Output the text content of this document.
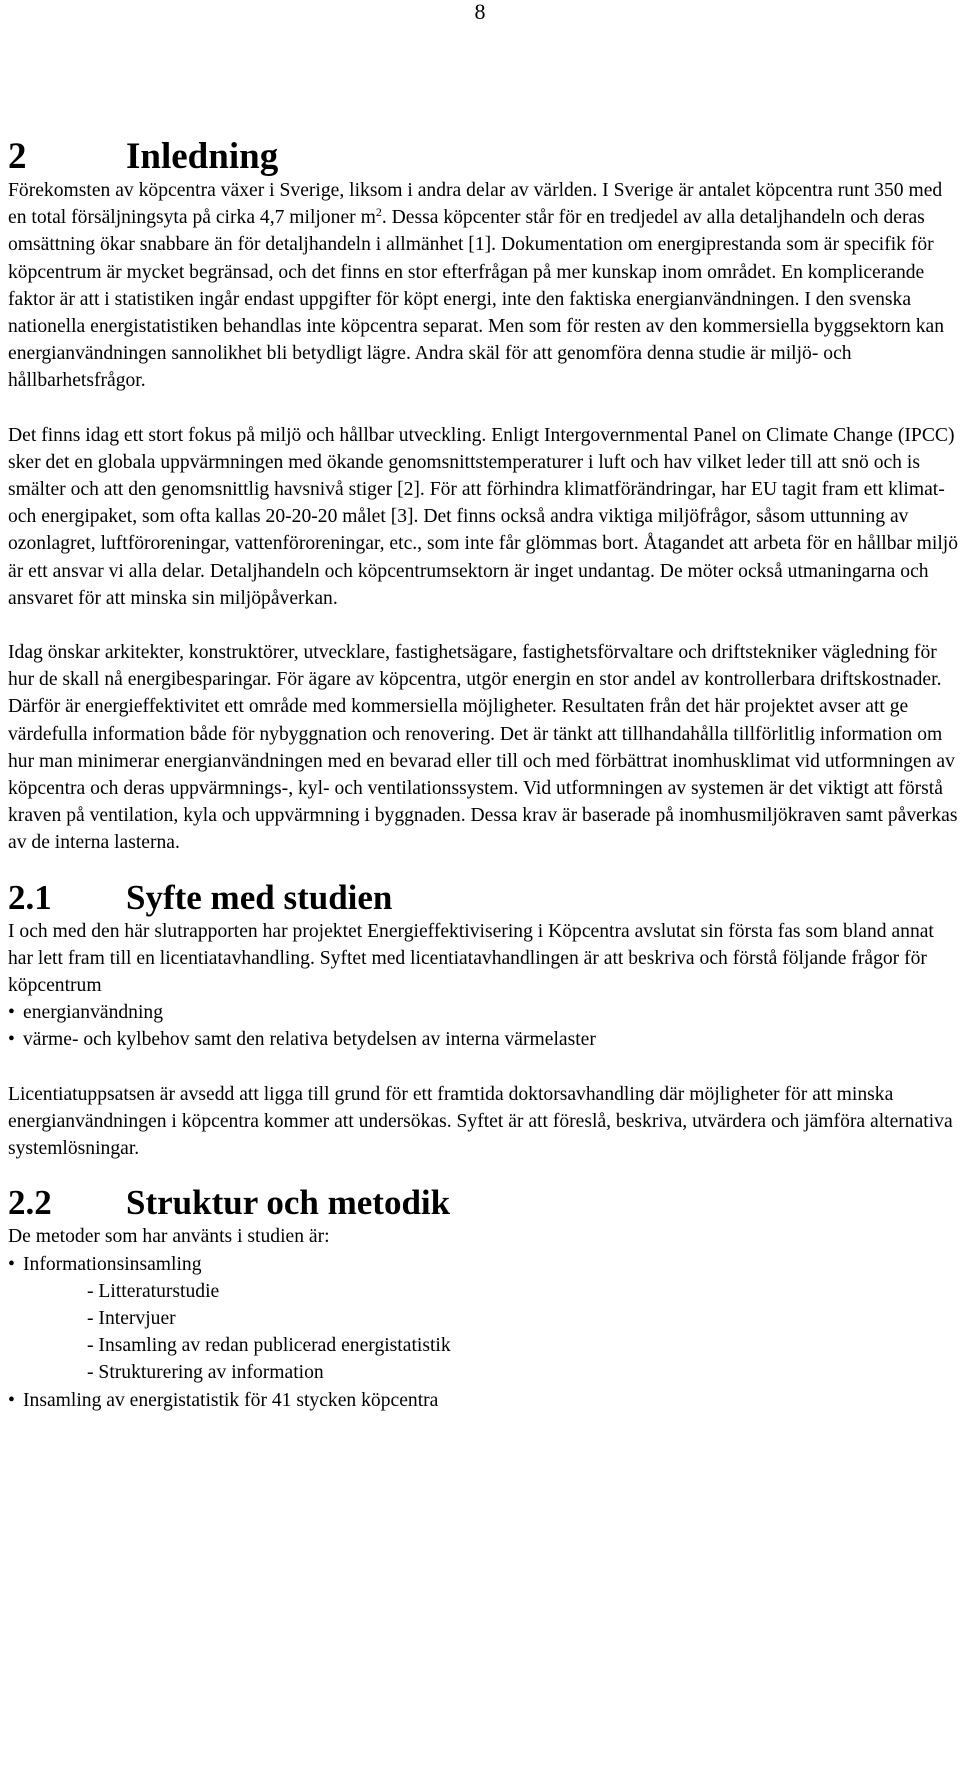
8
2	Inledning

Förekomsten av köpcentra växer i Sverige, liksom i andra delar av världen. I Sverige är antalet köpcentra runt 350 med en total försäljningsyta på cirka 4,7 miljoner $m^2$. Dessa köpcenter står för en tredjedel av alla detaljhandeln och deras omsättning ökar snabbare än för detaljhandeln i allmänhet [1]. Dokumentation om energiprestanda som är specifik för köpcentrum är mycket begränsad, och det finns en stor efterfrågan på mer kunskap inom området. En komplicerande faktor är att i statistiken ingår endast uppgifter för köpt energi, inte den faktiska energianvändningen. I den svenska nationella energistatistiken behandlas inte köpcentra separat. Men som för resten av den kommersiella byggsektorn kan energianvändningen sannolikhet bli betydligt lägre. Andra skäl för att genomföra denna studie är miljö- och hållbarhetsfrågor.

Det finns idag ett stort fokus på miljö och hållbar utveckling. Enligt Intergovernmental Panel on Climate Change (IPCC) sker det en globala uppvärmningen med ökande genomsnittstemperaturer i luft och hav vilket leder till att snö och is smälter och att den genomsnittlig havsnivå stiger [2]. För att förhindra klimatförändringar, har EU tagit fram ett klimat- och energipaket, som ofta kallas 20-20-20 målet [3]. Det finns också andra viktiga miljöfrågor, såsom uttunning av ozonlagret, luftföroreningar, vattenföroreningar, etc., som inte får glömmas bort. Åtagandet att arbeta för en hållbar miljö är ett ansvar vi alla delar. Detaljhandeln och köpcentrumsektorn är inget undantag. De möter också utmaningarna och ansvaret för att minska sin miljöpåverkan.

Idag önskar arkitekter, konstruktörer, utvecklare, fastighetsägare, fastighetsförvaltare och driftstekniker vägledning för hur de skall nå energibesparingar. För ägare av köpcentra, utgör energin en stor andel av kontrollerbara driftskostnader. Därför är energieffektivitet ett område med kommersiella möjligheter. Resultaten från det här projektet avser att ge värdefulla information både för nybyggnation och renovering. Det är tänkt att tillhandahålla tillförlitlig information om hur man minimerar energianvändningen med en bevarad eller till och med förbättrat inomhusklimat vid utformningen av köpcentra och deras uppvärmnings-, kyl- och ventilationssystem. Vid utformningen av systemen är det viktigt att förstå kraven på ventilation, kyla och uppvärmning i byggnaden. Dessa krav är baserade på inomhusmiljökraven samt påverkas av de interna lasterna.

2.1 Syfte med studien

I och med den här slutrapporten har projektet Energieffektivisering i Köpcentra avslutat sin första fas som bland annat har lett fram till en licentiatavhandling. Syftet med licentiatavhandlingen är att beskriva och förstå följande frågor för köpcentrum

• energianvändning
• värme- och kylbehov samt den relativa betydelsen av interna värmelaster

Licentiatuppsatsen är avsedd att ligga till grund för ett framtida doktorsavhandling där möjligheter för att minska energianvändningen i köpcentra kommer att undersökas. Syftet är att föreslå, beskriva, utvärdera och jämföra alternativa systemlösningar.

2.2 Struktur och metodik

De metoder som har använts i studien är:

• Informationsinsamling
- Litteraturstudie
- Intervjuer
- Insamling av redan publicerad energistatistik
- Strukturering av information
• Insamling av energistatistik för 41 stycken köpcentra
